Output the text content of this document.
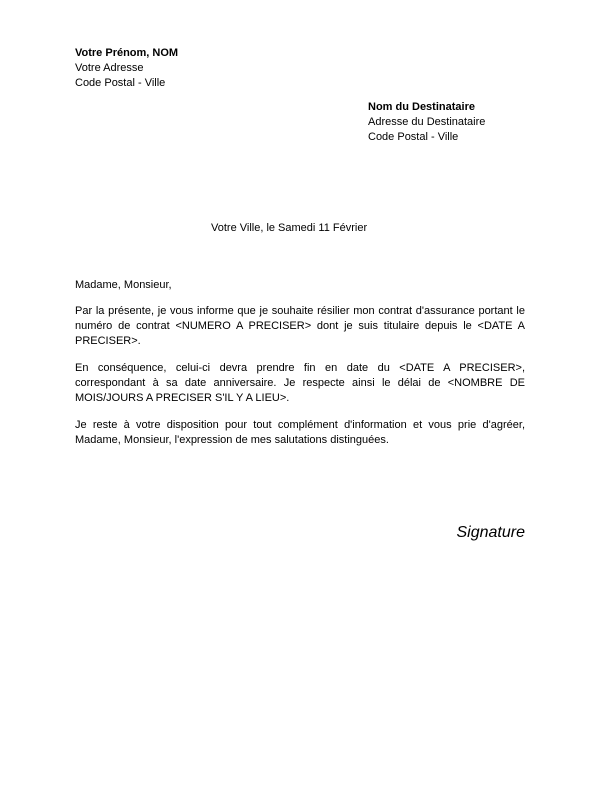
Votre Prénom, NOM
Votre Adresse
Code Postal - Ville
Nom du Destinataire
Adresse du Destinataire
Code Postal - Ville
Votre Ville, le Samedi 11 Février
Madame, Monsieur,

Par la présente, je vous informe que je souhaite résilier mon contrat d'assurance portant le numéro de contrat <NUMERO A PRECISER> dont je suis titulaire depuis le <DATE A PRECISER>.

En conséquence, celui-ci devra prendre fin en date du <DATE A PRECISER>, correspondant à sa date anniversaire. Je respecte ainsi le délai de <NOMBRE DE MOIS/JOURS A PRECISER S'IL Y A LIEU>.

Je reste à votre disposition pour tout complément d'information et vous prie d'agréer, Madame, Monsieur, l'expression de mes salutations distinguées.

Signature
